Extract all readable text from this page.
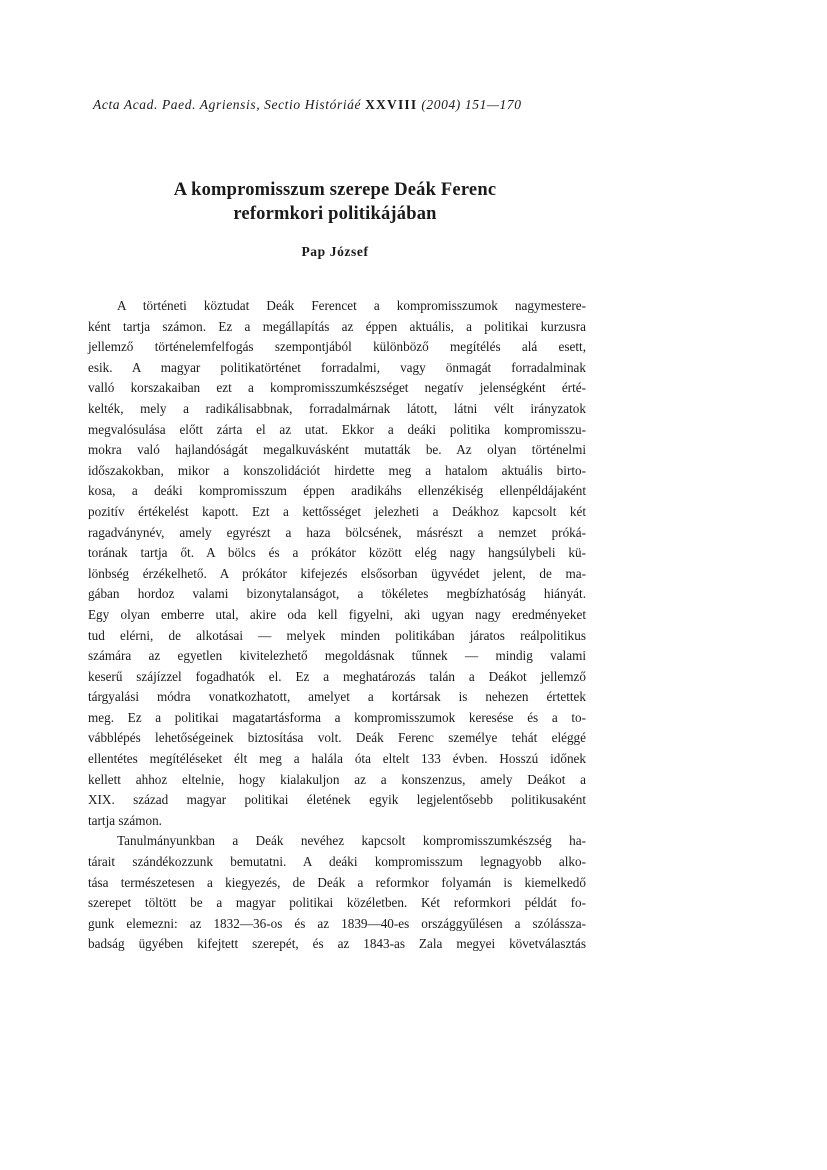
Acta Acad. Paed. Agriensis, Sectio Históriáé XXVIII (2004) 151—170
A kompromisszum szerepe Deák Ferenc
reformkori politikájában
Pap József
A történeti köztudat Deák Ferencet a kompromisszumok nagymestere-
ként tartja számon. Ez a megállapítás az éppen aktuális, a politikai kurzusra
jellemző történelemfelfogás szempontjából különböző megítélés alá esett,
esik. A magyar politikatörténet forradalmi, vagy önmagát forradalminak
valló korszakaiban ezt a kompromisszumkészséget negatív jelenségként érté-
kelték, mely a radikálisabbnak, forradalmárnak látott, látni vélt irányzatok
megvalósulása előtt zárta el az utat. Ekkor a deáki politika kompromisszu-
mokra való hajlandóságát megalkuvásként mutatták be. Az olyan történelmi
időszakokban, mikor a konszolidációt hirdette meg a hatalom aktuális birto-
kosa, a deáki kompromisszum éppen aradikáhs ellenzékiség ellenpéldájaként
pozitív értékelést kapott. Ezt a kettősséget jelezheti a Deákhoz kapcsolt két
ragadványnév, amely egyrészt a haza bölcsének, másrészt a nemzet próká-
torának tartja őt. A bölcs és a prókátor között elég nagy hangsúlybeli kü-
lönbség érzékelhető. A prókátor kifejezés elsősorban ügyvédet jelent, de ma-
gában hordoz valami bizonytalanságot, a tökéletes megbízhatóság hiányát.
Egy olyan emberre utal, akire oda kell figyelni, aki ugyan nagy eredményeket
tud elérni, de alkotásai — melyek minden politikában járatos reálpolitikus
számára az egyetlen kivitelezhető megoldásnak tűnnek — mindig valami
keserű szájízzel fogadhatók el. Ez a meghatározás talán a Deákot jellemző
tárgyalási módra vonatkozhatott, amelyet a kortársak is nehezen értettek
meg. Ez a politikai magatartásforma a kompromisszumok keresése és a to-
vábblépés lehetőségeinek biztosítása volt. Deák Ferenc személye tehát eléggé
ellentétes megítéléseket élt meg a halála óta eltelt 133 évben. Hosszú időnek
kellett ahhoz eltelnie, hogy kialakuljon az a konszenzus, amely Deákot a
XIX. század magyar politikai életének egyik legjelentősebb politikusaként
tartja számon.
Tanulmányunkban a Deák nevéhez kapcsolt kompromisszumkészség ha-
tárait szándékozzunk bemutatni. A deáki kompromisszum legnagyobb alko-
tása természetesen a kiegyezés, de Deák a reformkor folyamán is kiemelkedő
szerepet töltött be a magyar politikai közéletben. Két reformkori példát fo-
gunk elemezni: az 1832—36-os és az 1839—40-es országgyűlésen a szólássza-
badság ügyében kifejtett szerepét, és az 1843-as Zala megyei követválasztás
